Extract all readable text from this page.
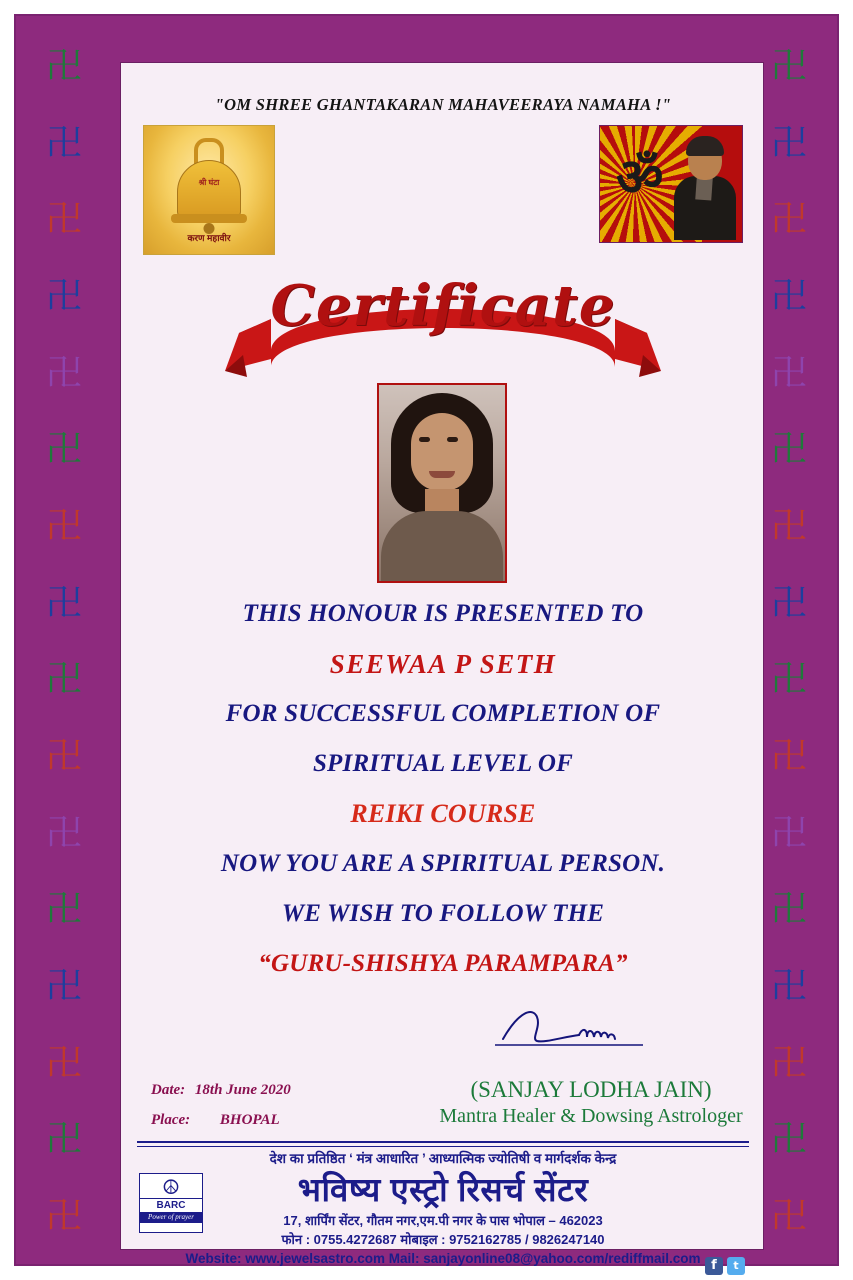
卍
卍
卍
卍
卍
卍
卍
卍
卍
卍
卍
卍
卍
卍
卍
卍
卍
卍
卍
卍
卍
卍
卍
卍
卍
卍
卍
卍
卍
卍
卍
卍
"OM SHREE GHANTAKARAN MAHAVEERAYA NAMAHA !"
श्री घंटा
करण महावीर
ॐ
Certificate
THIS HONOUR IS PRESENTED TO
SEEWAA P SETH
FOR SUCCESSFUL COMPLETION OF
SPIRITUAL LEVEL OF
REIKI COURSE
NOW YOU ARE A SPIRITUAL PERSON.
WE WISH TO FOLLOW THE
“GURU-SHISHYA PARAMPARA”
(SANJAY LODHA JAIN)
Mantra Healer & Dowsing Astrologer
Date: 18th June 2020
Place: BHOPAL
☮
BARC
Power of prayer
देश का प्रतिष्ठित ‘ मंत्र आधारित ’ आध्यात्मिक ज्योतिषी व मार्गदर्शक केन्द्र
भविष्य एस्ट्रो रिसर्च सेंटर
17, शार्पिंग सेंटर, गौतम नगर,एम.पी नगर के पास भोपाल – 462023
फोन : 0755.4272687 मोबाइल : 9752162785 / 9826247140
Website: www.jewelsastro.com Mail: sanjayonline08@yahoo.com/rediffmail.com f	t
